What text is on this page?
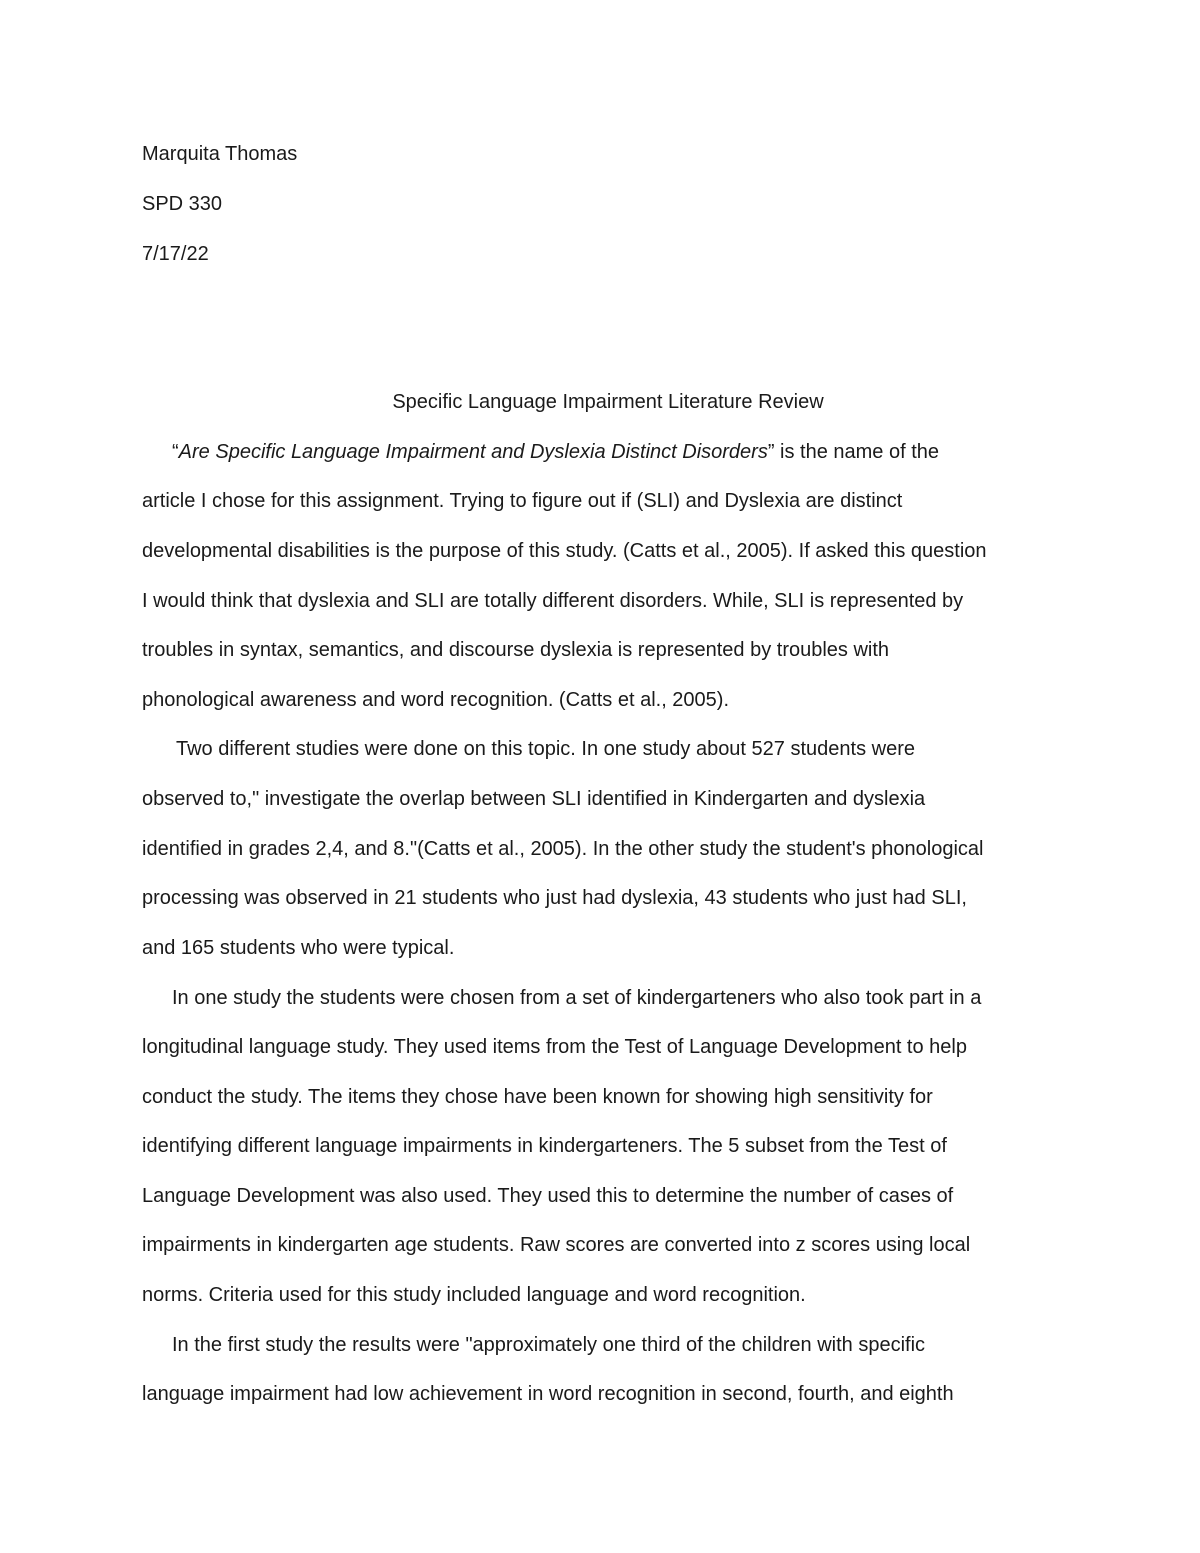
Marquita Thomas

SPD 330

7/17/22

Specific Language Impairment Literature Review

“Are Specific Language Impairment and Dyslexia Distinct Disorders” is the name of the

article I chose for this assignment. Trying to figure out if (SLI) and Dyslexia are distinct

developmental disabilities is the purpose of this study. (Catts et al., 2005). If asked this question

I would think that dyslexia and SLI are totally different disorders. While, SLI is represented by

troubles in syntax, semantics, and discourse dyslexia is represented by troubles with

phonological awareness and word recognition. (Catts et al., 2005).

Two different studies were done on this topic. In one study about 527 students were

observed to," investigate the overlap between SLI identified in Kindergarten and dyslexia

identified in grades 2,4, and 8."(Catts et al., 2005). In the other study the student's phonological

processing was observed in 21 students who just had dyslexia, 43 students who just had SLI,

and 165 students who were typical.

In one study the students were chosen from a set of kindergarteners who also took part in a

longitudinal language study. They used items from the Test of Language Development to help

conduct the study. The items they chose have been known for showing high sensitivity for

identifying different language impairments in kindergarteners. The 5 subset from the Test of

Language Development was also used. They used this to determine the number of cases of

impairments in kindergarten age students. Raw scores are converted into z scores using local

norms. Criteria used for this study included language and word recognition.

In the first study the results were "approximately one third of the children with specific

language impairment had low achievement in word recognition in second, fourth, and eighth
